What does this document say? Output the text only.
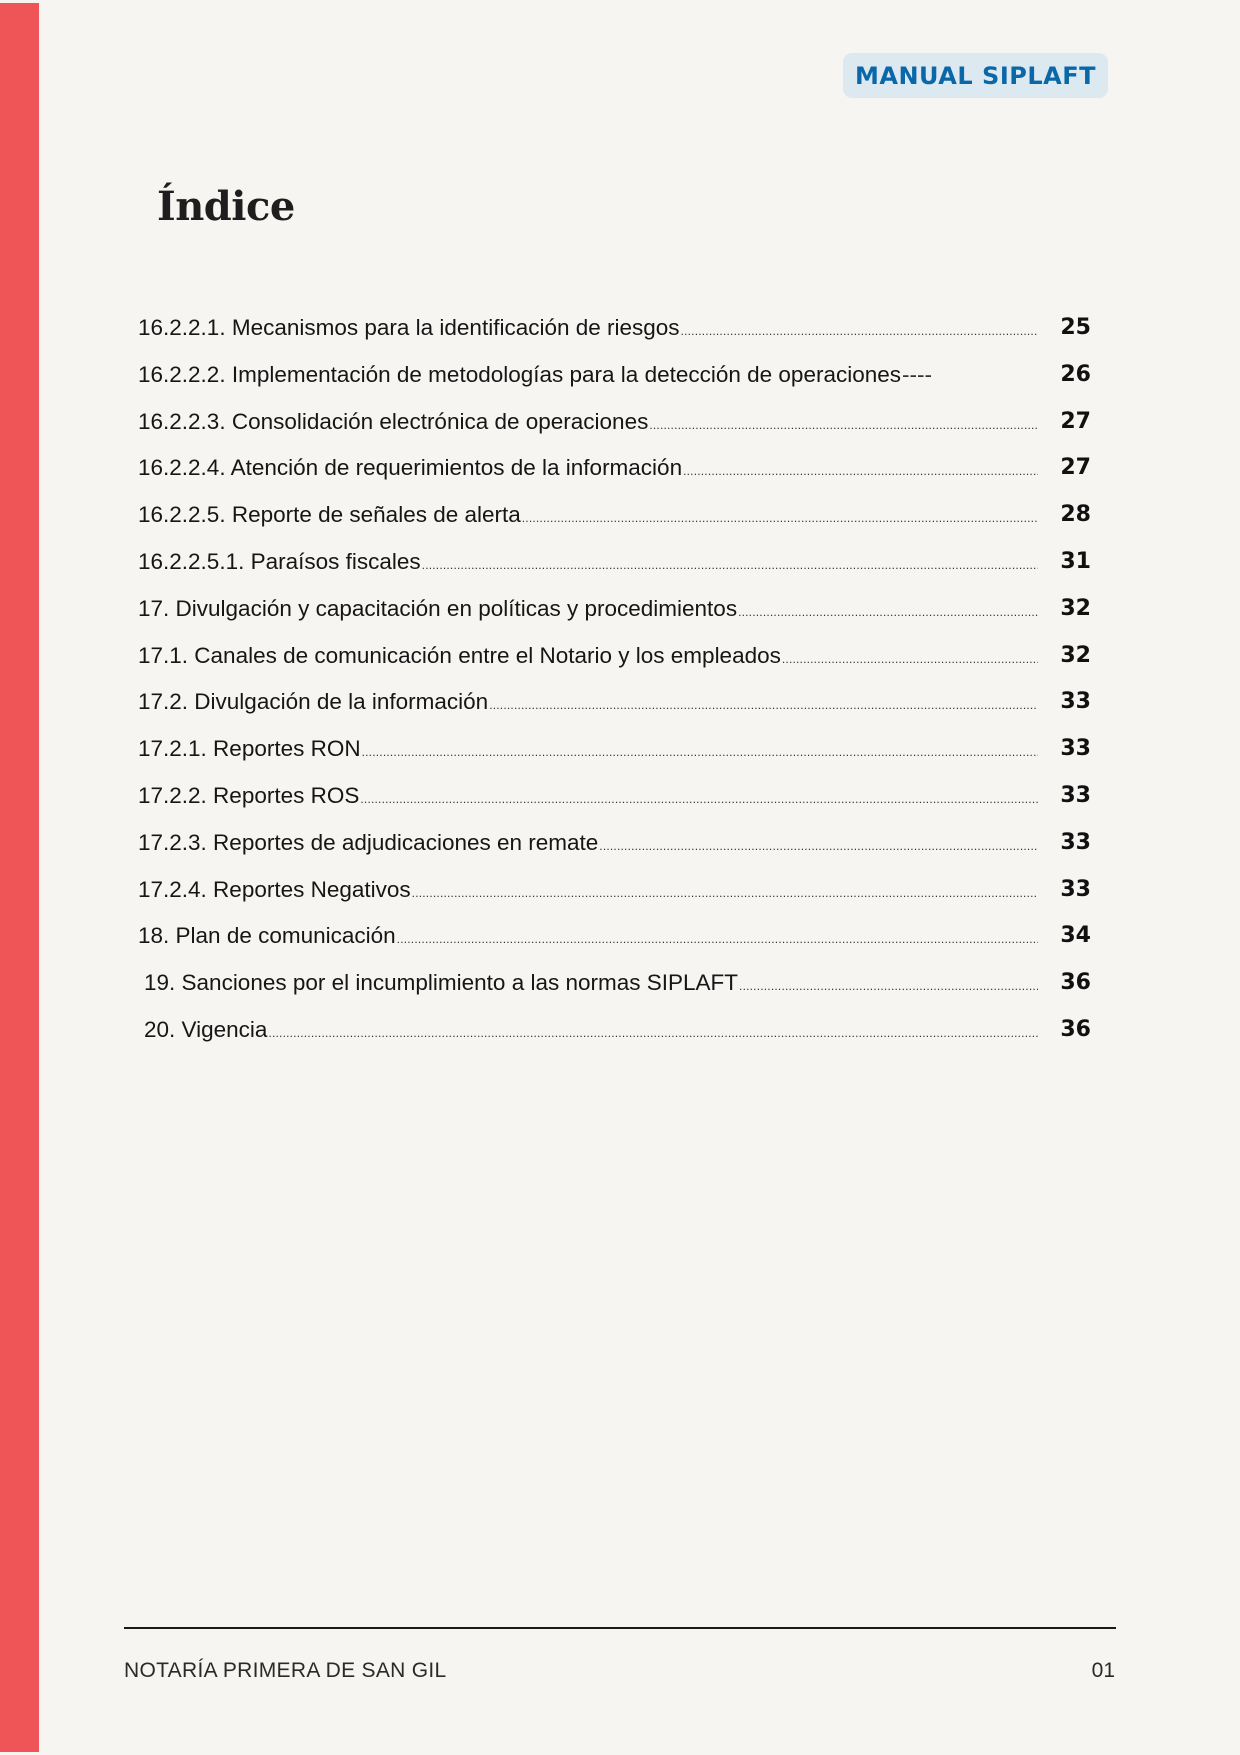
MANUAL SIPLAFT
Índice
16.2.2.1. Mecanismos para la identificación de riesgos .....	25
16.2.2.2. Implementación de metodologías para la detección de operaciones ----	26
16.2.2.3. Consolidación electrónica de operaciones .....	27
16.2.2.4. Atención de requerimientos de la información .....	27
16.2.2.5. Reporte de señales de alerta .....	28
16.2.2.5.1. Paraísos fiscales .....	31
17. Divulgación y capacitación en políticas y procedimientos .....	32
17.1. Canales de comunicación entre el Notario y los empleados .....	32
17.2. Divulgación de la información .....	33
17.2.1. Reportes RON .....	33
17.2.2. Reportes ROS .....	33
17.2.3. Reportes de adjudicaciones en remate .....	33
17.2.4. Reportes Negativos .....	33
18. Plan de comunicación .....	34
19. Sanciones por el incumplimiento a las normas SIPLAFT .....	36
20. Vigencia .....	36
NOTARÍA PRIMERA DE SAN GIL	01
